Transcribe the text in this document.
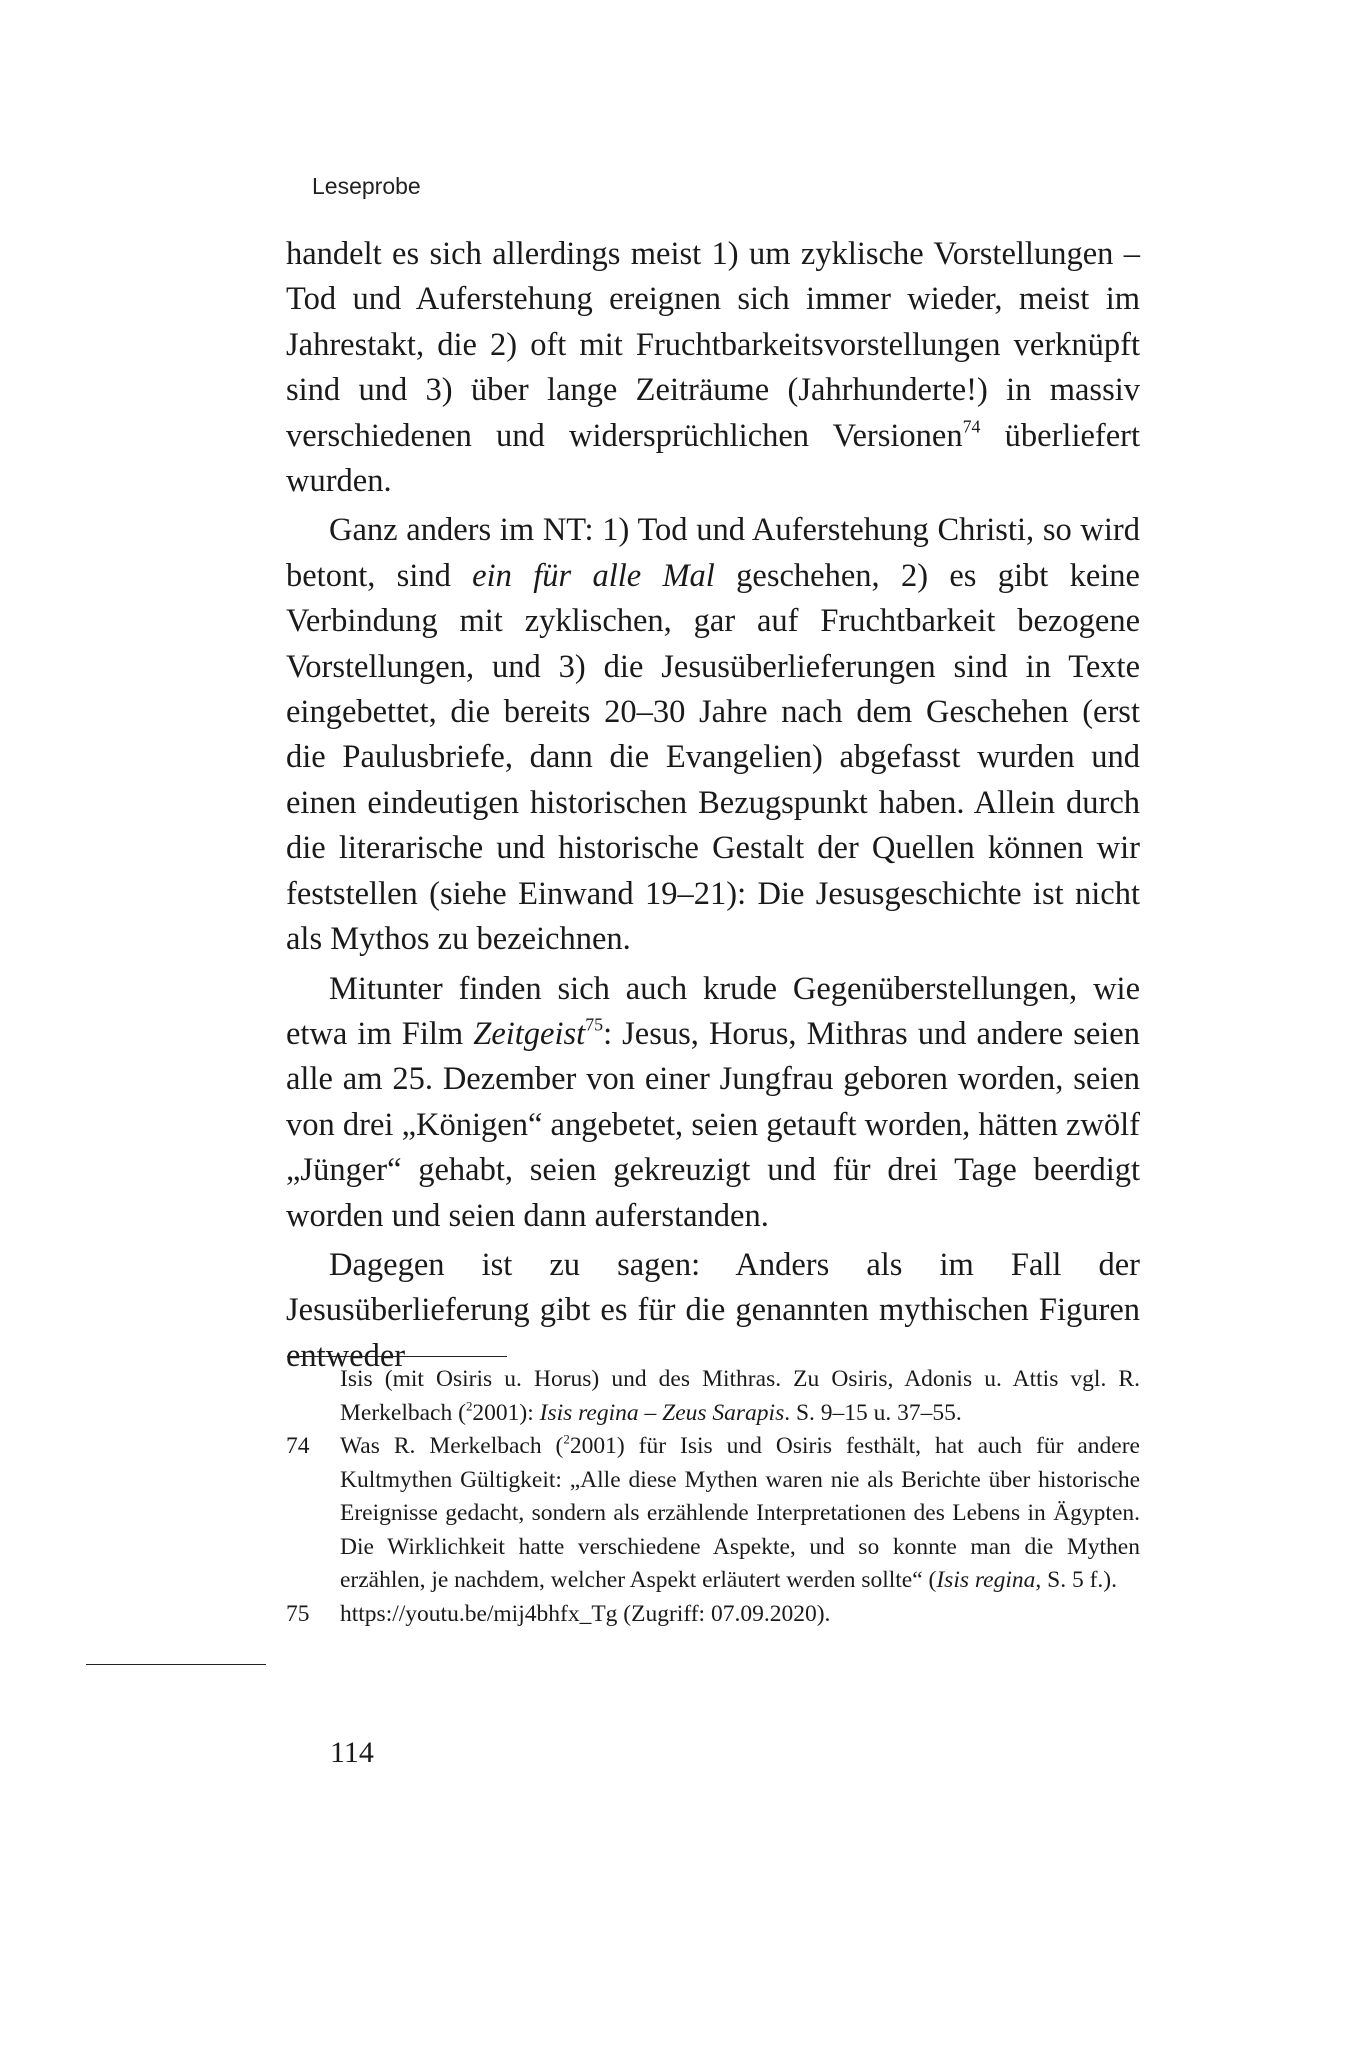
Leseprobe

handelt es sich allerdings meist 1) um zyklische Vorstellungen – Tod und Auferstehung ereignen sich immer wieder, meist im Jahrestakt, die 2) oft mit Fruchtbarkeitsvorstellungen verknüpft sind und 3) über lange Zeiträume (Jahrhunderte!) in massiv verschiedenen und widersprüchlichen Versionen$^{74}$ überliefert wurden.

Ganz anders im NT: 1) Tod und Auferstehung Christi, so wird betont, sind ein für alle Mal geschehen, 2) es gibt keine Verbindung mit zyklischen, gar auf Fruchtbarkeit bezogene Vorstellungen, und 3) die Jesusüberlieferungen sind in Texte eingebettet, die bereits 20–30 Jahre nach dem Geschehen (erst die Paulusbriefe, dann die Evangelien) abgefasst wurden und einen eindeutigen historischen Bezugspunkt haben. Allein durch die literarische und historische Gestalt der Quellen können wir feststellen (siehe Einwand 19–21): Die Jesusgeschichte ist nicht als Mythos zu bezeichnen.

Mitunter finden sich auch krude Gegenüberstellungen, wie etwa im Film Zeitgeist$^{75}$: Jesus, Horus, Mithras und andere seien alle am 25. Dezember von einer Jungfrau geboren worden, seien von drei „Königen“ angebetet, seien getauft worden, hätten zwölf „Jünger“ gehabt, seien gekreuzigt und für drei Tage beerdigt worden und seien dann auferstanden.

Dagegen ist zu sagen: Anders als im Fall der Jesusüberlieferung gibt es für die genannten mythischen Figuren entweder

Isis (mit Osiris u. Horus) und des Mithras. Zu Osiris, Adonis u. Attis vgl. R. Merkelbach ($^2$2001): Isis regina – Zeus Sarapis. S. 9–15 u. 37–55.
74 Was R. Merkelbach ($^2$2001) für Isis und Osiris festhält, hat auch für andere Kultmythen Gültigkeit: „Alle diese Mythen waren nie als Berichte über historische Ereignisse gedacht, sondern als erzählende Interpretationen des Lebens in Ägypten. Die Wirklichkeit hatte verschiedene Aspekte, und so konnte man die Mythen erzählen, je nachdem, welcher Aspekt erläutert werden sollte“ (Isis regina, S. 5 f.).
75 https://youtu.be/mij4bhfx_Tg (Zugriff: 07.09.2020).
114
